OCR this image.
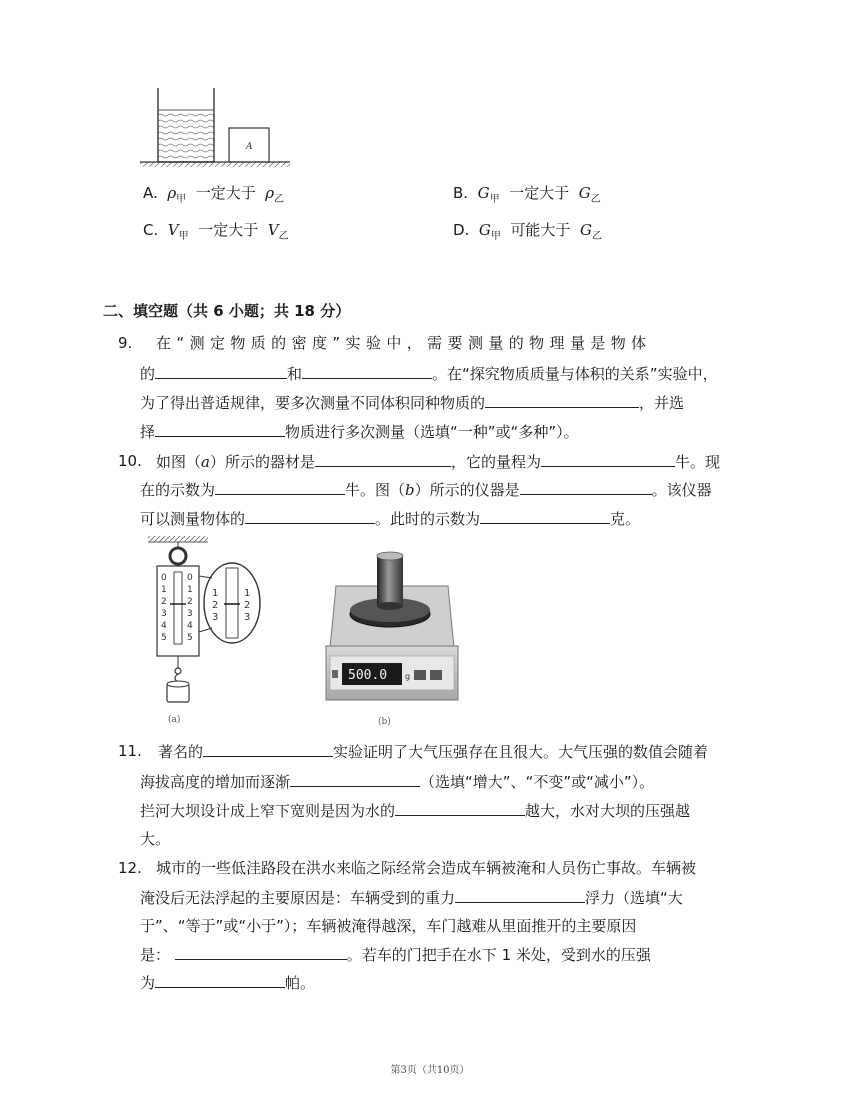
A
A. $\rho_甲$ 一定大于 $\rho_乙$	B. $G_甲$ 一定大于 $G_乙$
C. $V_甲$ 一定大于 $V_乙$	D. $G_甲$ 可能大于 $G_乙$
二、填空题（共 6 小题；共 18 分）
9. 在“测定物质的密度”实验中，需要测量的物理量是物体
的	和	。在“探究物质质量与体积的关系”实验中，
为了得出普适规律，要多次测量不同体积同种物质的	，并选
择	物质进行多次测量（选填“一种”或“多种”）。
10. 如图（a）所示的器材是	，它的量程为	牛。现
在的示数为	牛。图（b）所示的仪器是	。该仪器
可以测量物体的	。此时的示数为	克。
0
1
2
3
4
5
0
1
2
3
4
5
1
2
3
1
2
3
(a)
500.0 g
(b)
11. 著名的	实验证明了大气压强存在且很大。大气压强的数值会随着
海拔高度的增加而逐渐	（选填“增大”、“不变”或“减小”）。
拦河大坝设计成上窄下宽则是因为水的	越大，水对大坝的压强越
大。
12. 城市的一些低洼路段在洪水来临之际经常会造成车辆被淹和人员伤亡事故。车辆被
淹没后无法浮起的主要原因是：车辆受到的重力	浮力（选填“大
于”、“等于”或“小于”）；车辆被淹得越深，车门越难从里面推开的主要原因
是：	。若车的门把手在水下 1 米处，受到水的压强
为	帕。
第3页（共10页）
